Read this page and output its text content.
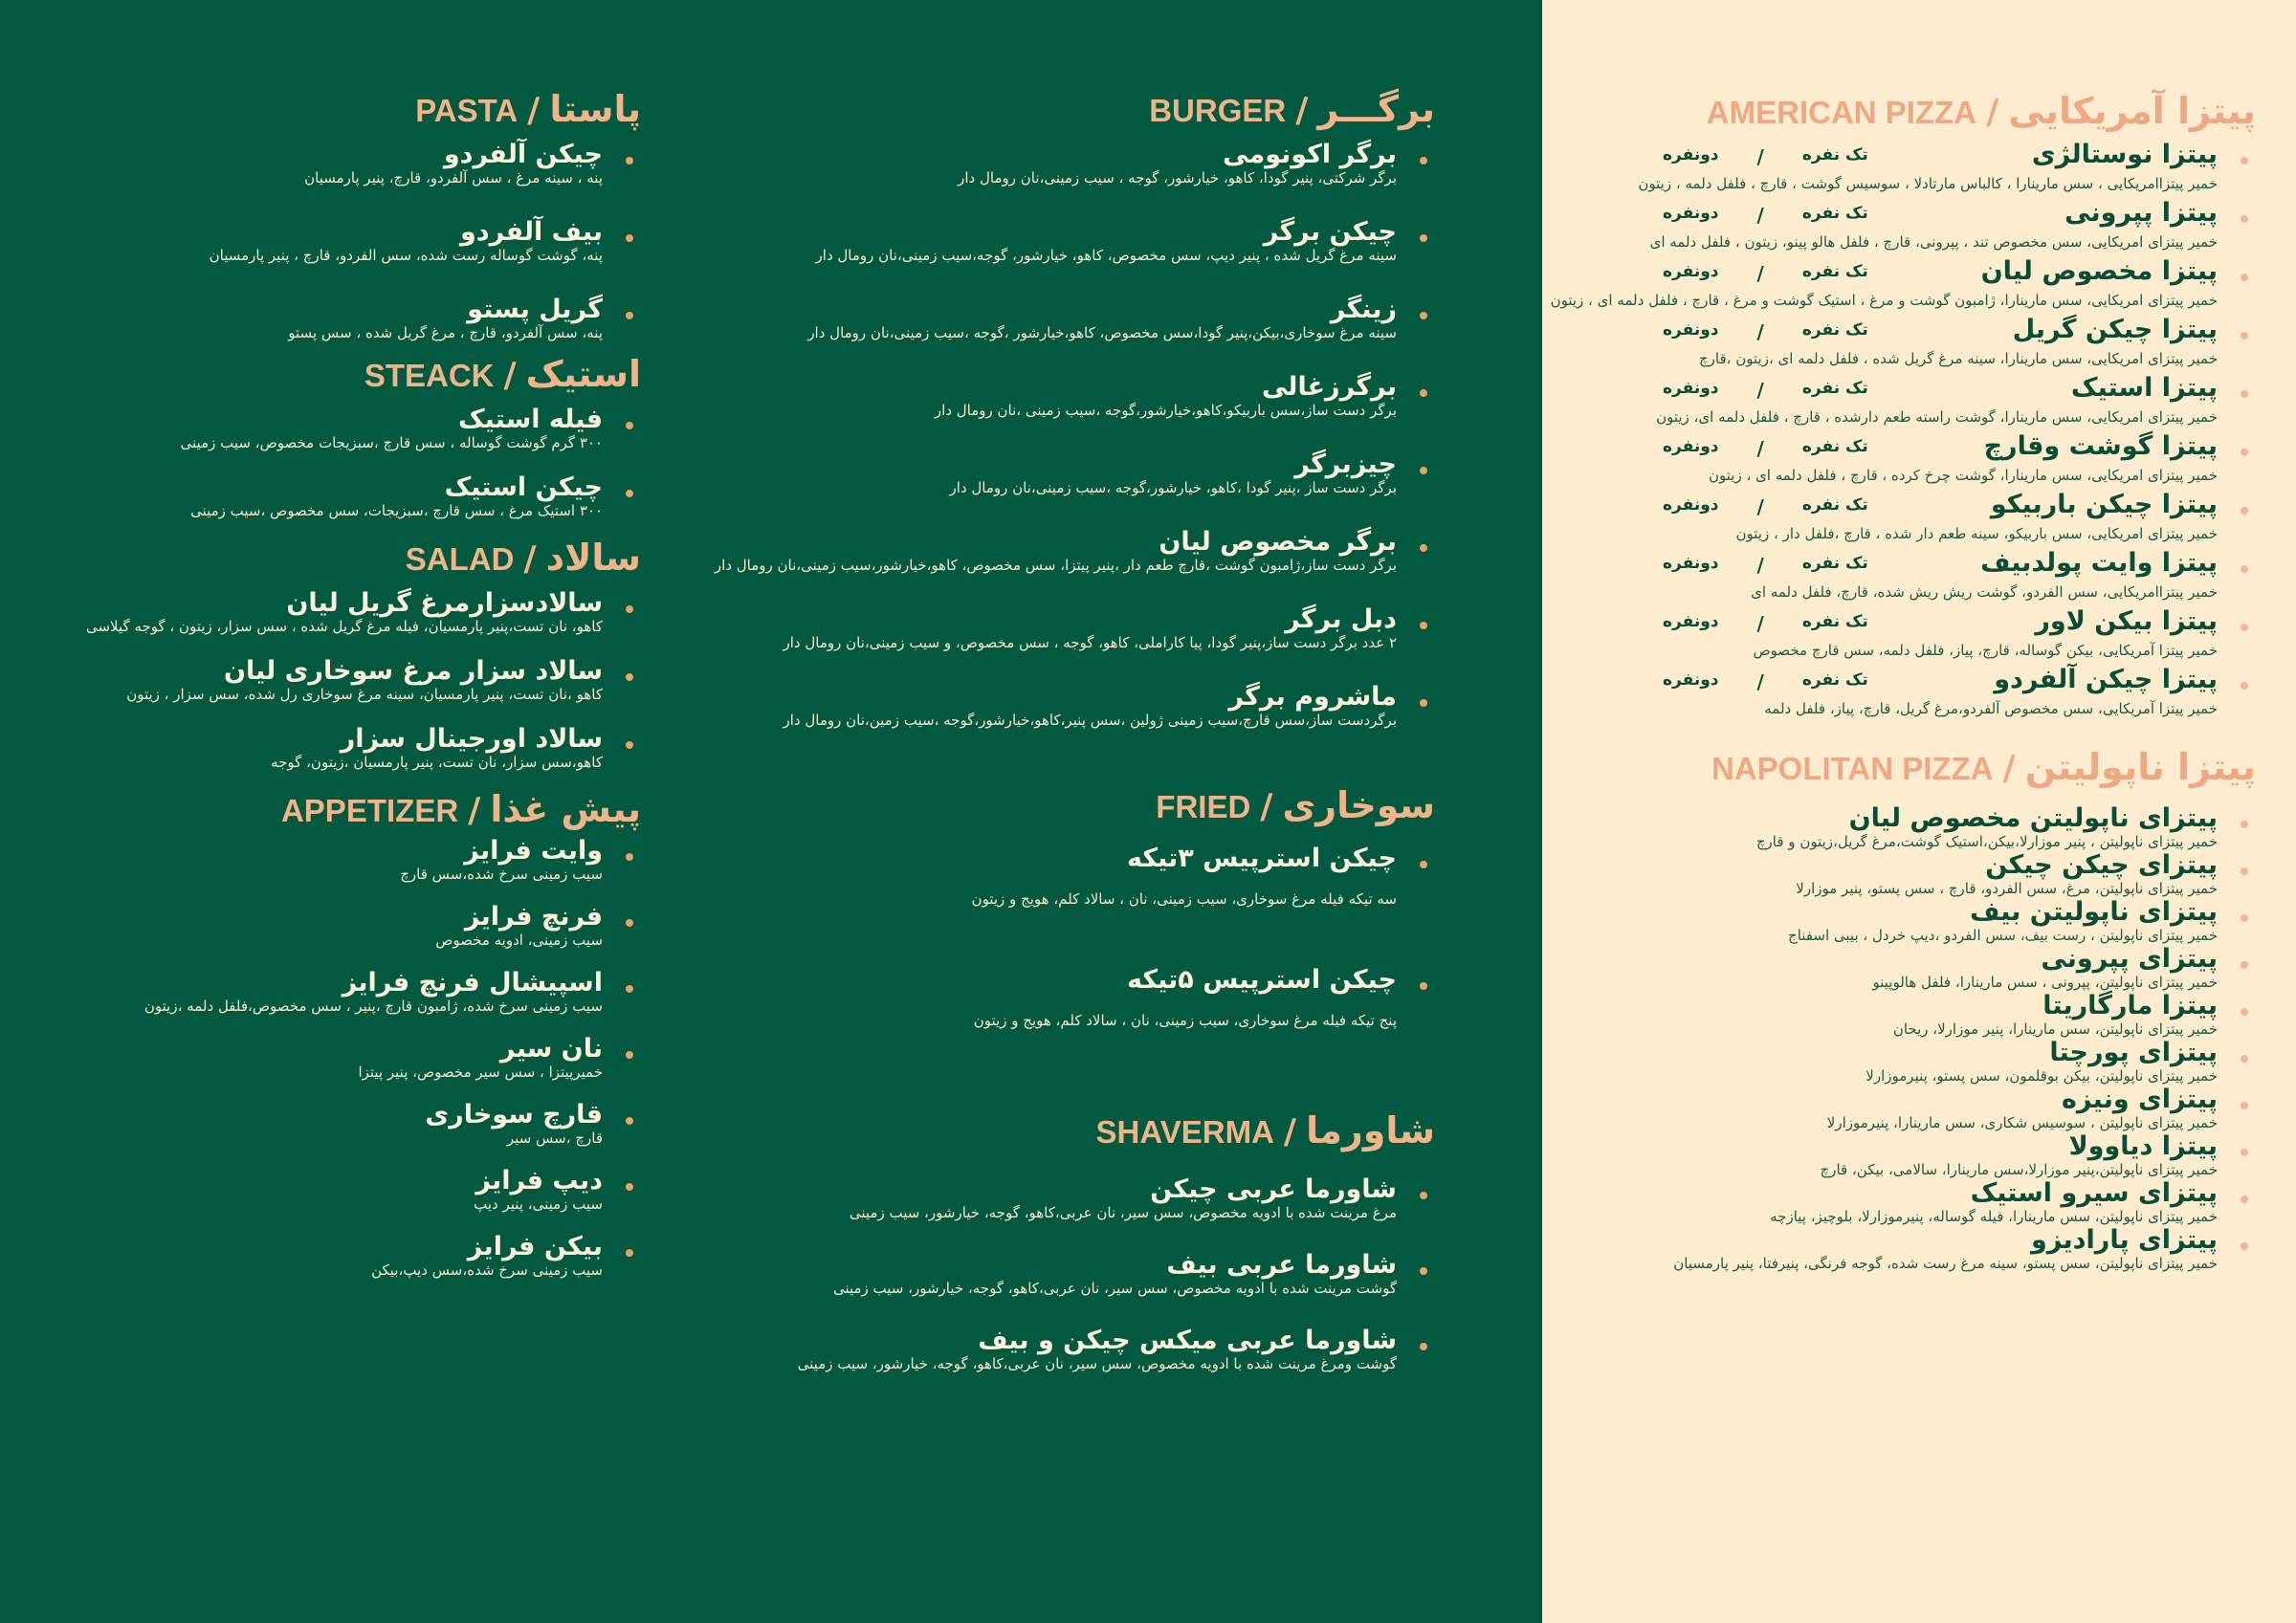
پاستا
/
PASTA
چیکن آلفردو
پنه ، سینه مرغ ، سس آلفردو، قارچ، پنیر پارمسیان
بیف آلفردو
پنه، گوشت گوساله رست شده، سس الفردو، قارچ ، پنیر پارمسیان
گریل پستو
پنه، سس آلفردو، قارچ ، مرغ گریل شده ، سس پستو
استیک
/
STEACK
فیله استیک
۳۰۰ گرم گوشت گوساله ، سس قارچ ،سبزیجات مخصوص، سیب زمینی
چیکن استیک
۳۰۰ استیک مرغ ، سس قارچ ،سبزیجات، سس مخصوص ،سیب زمینی
سالاد
/
SALAD
سالادسزارمرغ گریل لیان
کاهو، نان تست،پنیر پارمسیان، فیله مرغ گریل شده ، سس سزار، زیتون ، گوجه گیلاسی
سالاد سزار مرغ سوخاری لیان
کاهو ،نان تست، پنیر پارمسیان، سینه مرغ سوخاری رل شده، سس سزار ، زیتون
سالاد اورجینال سزار
کاهو،سس سزار، نان تست، پنیر پارمسیان ،زیتون، گوجه
پیش غذا
/
APPETIZER
وایت فرایز
سیب زمینی سرخ شده،سس قارچ
فرنچ فرایز
سیب زمینی، ادویه مخصوص
اسپیشال فرنچ فرایز
سیب زمینی سرخ شده، ژامبون قارچ ،پنیر ، سس مخصوص،فلفل دلمه ،زیتون
نان سیر
خمیرپیتزا ، سس سیر مخصوص، پنیر پیتزا
قارچ سوخاری
قارچ ،سس سیر
دیپ فرایز
سیب زمینی، پنیر دیپ
بیکن فرایز
سیب زمینی سرخ شده،سس دیپ،بیکن
برگـــر
/
BURGER
برگر اکونومی
برگر شرکتی، پنیر گودا، کاهو، خیارشور، گوجه ، سیب زمینی،نان رومال دار
چیکن برگر
سینه مرغ گریل شده ، پنیر دیپ، سس مخصوص، کاهو، خیارشور، گوجه،سیب زمینی،نان رومال دار
زینگر
سینه مرغ سوخاری،بیکن،پنیر گودا،سس مخصوص، کاهو،خیارشور ،گوجه ،سیب زمینی،نان رومال دار
برگرزغالی
برگر دست ساز،سس باربیکو،کاهو،خیارشور،گوجه ،سیب زمینی ،نان رومال دار
چیزبرگر
برگر دست ساز ،پنیر گودا ،کاهو، خیارشور،گوجه ،سیب زمینی،نان رومال دار
برگر مخصوص لیان
برگر دست ساز،ژامبون گوشت ،قارچ طعم دار ،پنیر پیتزا، سس مخصوص، کاهو،خیارشور،سیب زمینی،نان رومال دار
دبل برگر
۲ عدد برگر دست ساز،پنیر گودا، پیا کاراملی، کاهو، گوجه ، سس مخصوص، و سیب زمینی،نان رومال دار
ماشروم برگر
برگردست ساز،سس قارچ،سیب زمینی ژولین ،سس پنیر،کاهو،خیارشور،گوجه ،سیب زمین،نان رومال دار
سوخاری
/
FRIED
چیکن استرپیس ۳تیکه
سه تیکه فیله مرغ سوخاری، سیب زمینی، نان ، سالاد کلم، هویج و زیتون
چیکن استرپیس ۵تیکه
پنج تیکه فیله مرغ سوخاری، سیب زمینی، نان ، سالاد کلم، هویج و زیتون
شاورما
/
SHAVERMA
شاورما عربی چیکن
مرغ مرینت شده با ادویه مخصوص، سس سیر، نان عربی،کاهو، گوجه، خیارشور، سیب زمینی
شاورما عربی بیف
گوشت مرینت شده با ادویه مخصوص، سس سیر، نان عربی،کاهو، گوجه، خیارشور، سیب زمینی
شاورما عربی میکس چیکن و بیف
گوشت ومرغ مرینت شده با ادویه مخصوص، سس سیر، نان عربی،کاهو، گوجه، خیارشور، سیب زمینی
پیتزا آمریکایی
/
AMERICAN PIZZA
پیتزا نوستالژی
تک نفره
/
دونفره
خمیر پیتزاامریکایی ، سس مارینارا ، کالباس مارتادلا ، سوسیس گوشت ، قارچ ، فلفل دلمه ، زیتون
پیتزا پپرونی
تک نفره
/
دونفره
خمیر پیتزای امریکایی، سس مخصوص تند ، پپرونی، قارچ ، فلفل هالو پینو، زیتون ، فلفل دلمه ای
پیتزا مخصوص لیان
تک نفره
/
دونفره
خمیر پیتزای امریکایی، سس مارینارا، ژامبون گوشت و مرغ ، استیک گوشت و مرغ ، قارچ ، فلفل دلمه ای ، زیتون
پیتزا چیکن گریل
تک نفره
/
دونفره
خمیر پیتزای امریکایی، سس مارینارا، سینه مرغ گریل شده ، فلفل دلمه ای ،زیتون ،قارچ
پیتزا استیک
تک نفره
/
دونفره
خمیر پیتزای امریکایی، سس مارینارا، گوشت راسته طعم دارشده ، قارچ ، فلفل دلمه ای، زیتون
پیتزا گوشت وقارچ
تک نفره
/
دونفره
خمیر پیتزای امریکایی، سس مارینارا، گوشت چرخ کرده ، قارچ ، فلفل دلمه ای ، زیتون
پیتزا چیکن باربیکو
تک نفره
/
دونفره
خمیر پیتزای امریکایی، سس باربیکو، سینه طعم دار شده ، قارچ ،فلفل دار ، زیتون
پیتزا وایت پولدبیف
تک نفره
/
دونفره
خمیر پیتزاامریکایی، سس الفردو، گوشت ریش ریش شده، قارچ، فلفل دلمه ای
پیتزا بیکن لاور
تک نفره
/
دونفره
خمیر پیتزا آمریکایی، بیکن گوساله، قارچ، پیاز، فلفل دلمه، سس قارچ مخصوص
پیتزا چیکن آلفردو
تک نفره
/
دونفره
خمیر پیتزا آمریکایی، سس مخصوص آلفردو،مرغ گریل، قارچ، پیاز، فلفل دلمه
پیتزا ناپولیتن
/
NAPOLITAN PIZZA
پیتزای ناپولیتن مخصوص لیان
خمیر پیتزای ناپولیتن ، پنیر موزارلا،بیکن،استیک گوشت،مرغ گریل،زیتون و قارچ
پیتزای چیکن چیکن
خمیر پیتزای ناپولیتن، مرغ، سس الفردو، قارچ ، سس پستو، پنیر موزارلا
پیتزای ناپولیتن بیف
خمیر پیتزای ناپولیتن ، رست بیف، سس الفردو ،دیپ خردل ، بیبی اسفناج
پیتزای پپرونی
خمیر پیتزای ناپولیتن، پپرونی ، سس مارینارا، فلفل هالوپینو
پیتزا مارگاریتا
خمیر پیتزای ناپولیتن، سس مارینارا، پنیر موزارلا، ریحان
پیتزای پورچتا
خمیر پیتزای ناپولیتن، بیکن بوقلمون، سس پستو، پنیرموزارلا
پیتزای ونیزه
خمیر پیتزای ناپولیتن ، سوسیس شکاری، سس مارینارا، پنیرموزارلا
پیتزا دیاوولا
خمیر پیتزای ناپولیتن،پنیر موزارلا،سس مارینارا، سالامی، بیکن، قارچ
پیتزای سیرو استیک
خمیر پیتزای ناپولیتن، سس مارینارا، فیله گوساله، پنیرموزارلا، بلوچیز، پیازچه
پیتزای پارادیزو
خمیر پیتزای ناپولیتن، سس پستو، سینه مرغ رست شده، گوجه فرنگی، پنیرفتا، پنیر پارمسیان
